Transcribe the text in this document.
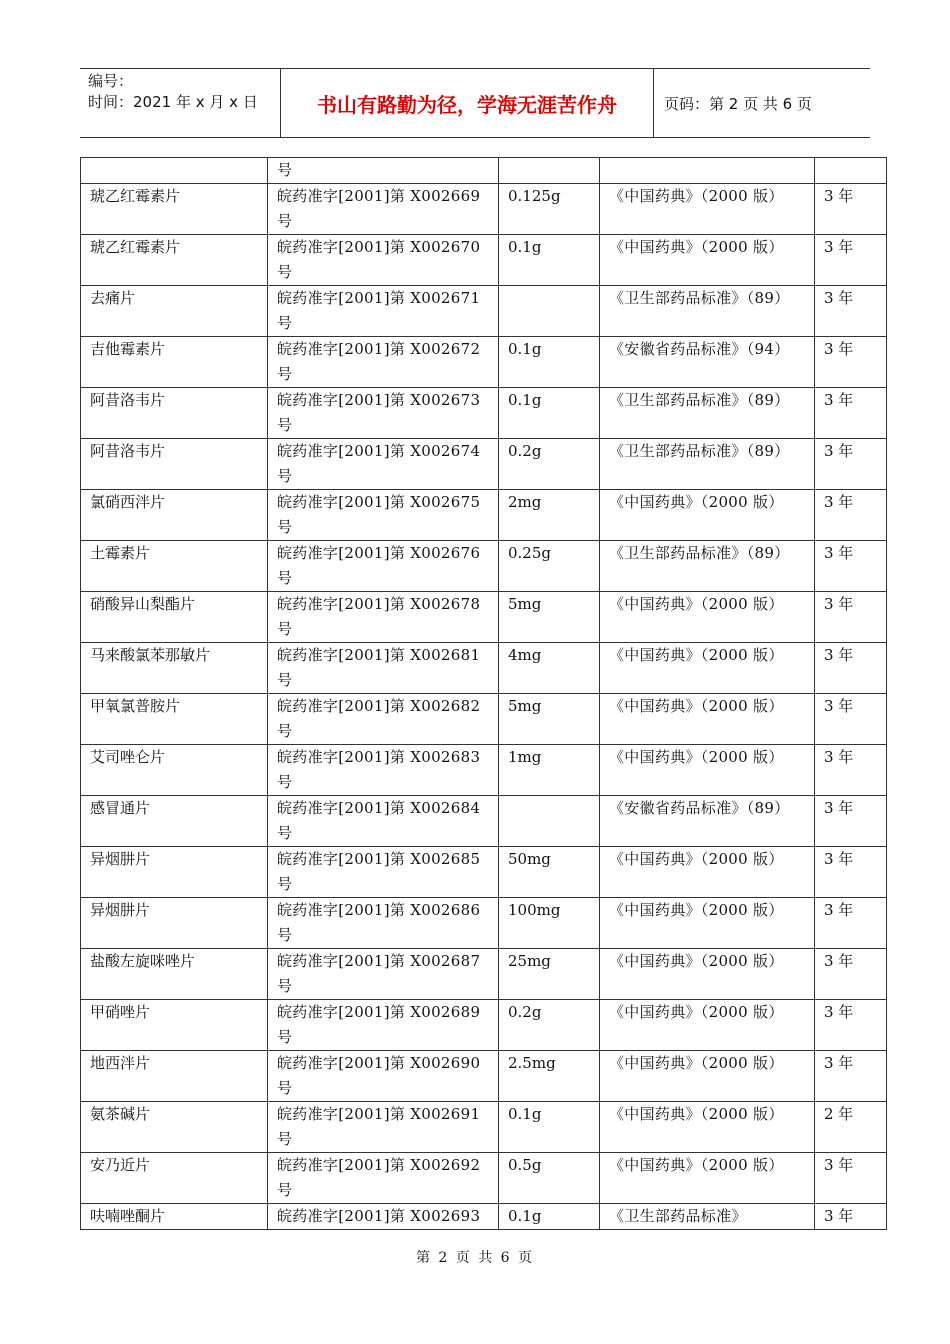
编号：
时间：2021 年 x 月 x 日	书山有路勤为径，学海无涯苦作舟	页码：第 2 页 共 6 页
	号			
琥乙红霉素片	皖药准字[2001]第 X002669 号	0.125g	《中国药典》（2000 版）	3 年
琥乙红霉素片	皖药准字[2001]第 X002670 号	0.1g	《中国药典》（2000 版）	3 年
去痛片	皖药准字[2001]第 X002671 号		《卫生部药品标准》（89）	3 年
吉他霉素片	皖药准字[2001]第 X002672 号	0.1g	《安徽省药品标准》（94）	3 年
阿昔洛韦片	皖药准字[2001]第 X002673 号	0.1g	《卫生部药品标准》（89）	3 年
阿昔洛韦片	皖药准字[2001]第 X002674 号	0.2g	《卫生部药品标准》（89）	3 年
氯硝西泮片	皖药准字[2001]第 X002675 号	2mg	《中国药典》（2000 版）	3 年
土霉素片	皖药准字[2001]第 X002676 号	0.25g	《卫生部药品标准》（89）	3 年
硝酸异山梨酯片	皖药准字[2001]第 X002678 号	5mg	《中国药典》（2000 版）	3 年
马来酸氯苯那敏片	皖药准字[2001]第 X002681 号	4mg	《中国药典》（2000 版）	3 年
甲氧氯普胺片	皖药准字[2001]第 X002682 号	5mg	《中国药典》（2000 版）	3 年
艾司唑仑片	皖药准字[2001]第 X002683 号	1mg	《中国药典》（2000 版）	3 年
感冒通片	皖药准字[2001]第 X002684 号		《安徽省药品标准》（89）	3 年
异烟肼片	皖药准字[2001]第 X002685 号	50mg	《中国药典》（2000 版）	3 年
异烟肼片	皖药准字[2001]第 X002686 号	100mg	《中国药典》（2000 版）	3 年
盐酸左旋咪唑片	皖药准字[2001]第 X002687 号	25mg	《中国药典》（2000 版）	3 年
甲硝唑片	皖药准字[2001]第 X002689 号	0.2g	《中国药典》（2000 版）	3 年
地西泮片	皖药准字[2001]第 X002690 号	2.5mg	《中国药典》（2000 版）	3 年
氨茶碱片	皖药准字[2001]第 X002691 号	0.1g	《中国药典》（2000 版）	2 年
安乃近片	皖药准字[2001]第 X002692 号	0.5g	《中国药典》（2000 版）	3 年
呋喃唑酮片	皖药准字[2001]第 X002693	0.1g	《卫生部药品标准》	3 年
第 2 页 共 6 页
